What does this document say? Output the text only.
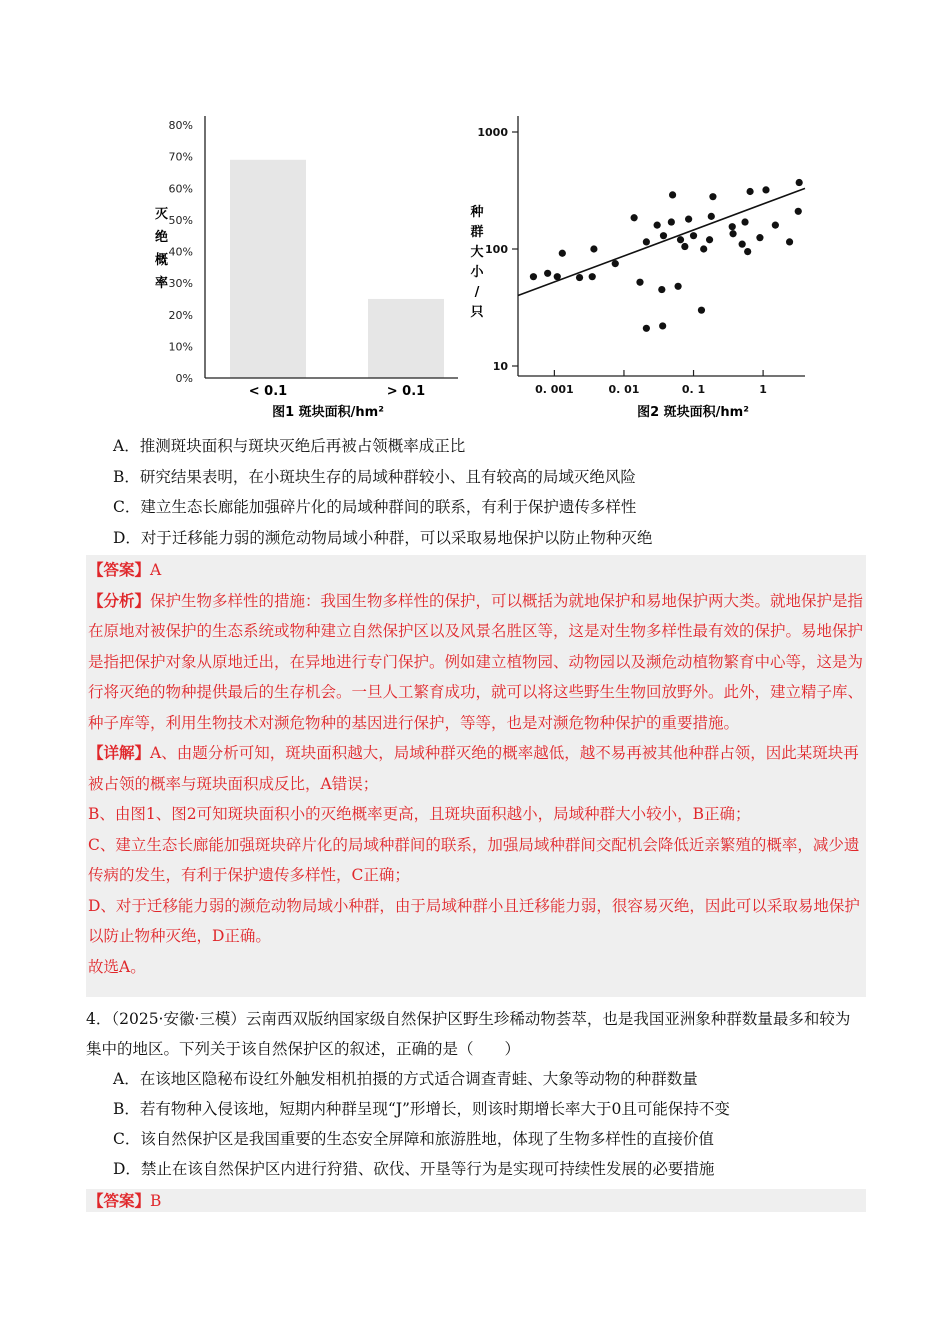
80%
70%
60%
50%
40%
30%
20%
10%
0%
灭
绝
概
率
< 0.1	> 0.1
图1 斑块面积/hm²
1000
100
10
0. 001	0. 01	0. 1	1
种
群
大
小
/
只
图2 斑块面积/hm²
A．推测斑块面积与斑块灭绝后再被占领概率成正比
B．研究结果表明，在小斑块生存的局域种群较小、且有较高的局域灭绝风险
C．建立生态长廊能加强碎片化的局域种群间的联系，有利于保护遗传多样性
D．对于迁移能力弱的濒危动物局域小种群，可以采取易地保护以防止物种灭绝

【答案】A

【分析】保护生物多样性的措施：我国生物多样性的保护，可以概括为就地保护和易地保护两大类。就地保护是指在原地对被保护的生态系统或物种建立自然保护区以及风景名胜区等，这是对生物多样性最有效的保护。易地保护是指把保护对象从原地迁出，在异地进行专门保护。例如建立植物园、动物园以及濒危动植物繁育中心等，这是为行将灭绝的物种提供最后的生存机会。一旦人工繁育成功，就可以将这些野生生物回放野外。此外，建立精子库、种子库等，利用生物技术对濒危物种的基因进行保护，等等，也是对濒危物种保护的重要措施。

【详解】A、由题分析可知，斑块面积越大，局域种群灭绝的概率越低，越不易再被其他种群占领，因此某斑块再被占领的概率与斑块面积成反比，A错误；

B、由图1、图2可知斑块面积小的灭绝概率更高，且斑块面积越小，局域种群大小较小，B正确；

C、建立生态长廊能加强斑块碎片化的局域种群间的联系，加强局域种群间交配机会降低近亲繁殖的概率，减少遗传病的发生，有利于保护遗传多样性，C正确；

D、对于迁移能力弱的濒危动物局域小种群，由于局域种群小且迁移能力弱，很容易灭绝，因此可以采取易地保护以防止物种灭绝，D正确。

故选A。

4．（2025·安徽·三模）云南西双版纳国家级自然保护区野生珍稀动物荟萃，也是我国亚洲象种群数量最多和较为集中的地区。下列关于该自然保护区的叙述，正确的是（　　）

A．在该地区隐秘布设红外触发相机拍摄的方式适合调查青蛙、大象等动物的种群数量

B．若有物种入侵该地，短期内种群呈现“J”形增长，则该时期增长率大于0且可能保持不变

C．该自然保护区是我国重要的生态安全屏障和旅游胜地，体现了生物多样性的直接价值

D．禁止在该自然保护区内进行狩猎、砍伐、开垦等行为是实现可持续性发展的必要措施

【答案】B
